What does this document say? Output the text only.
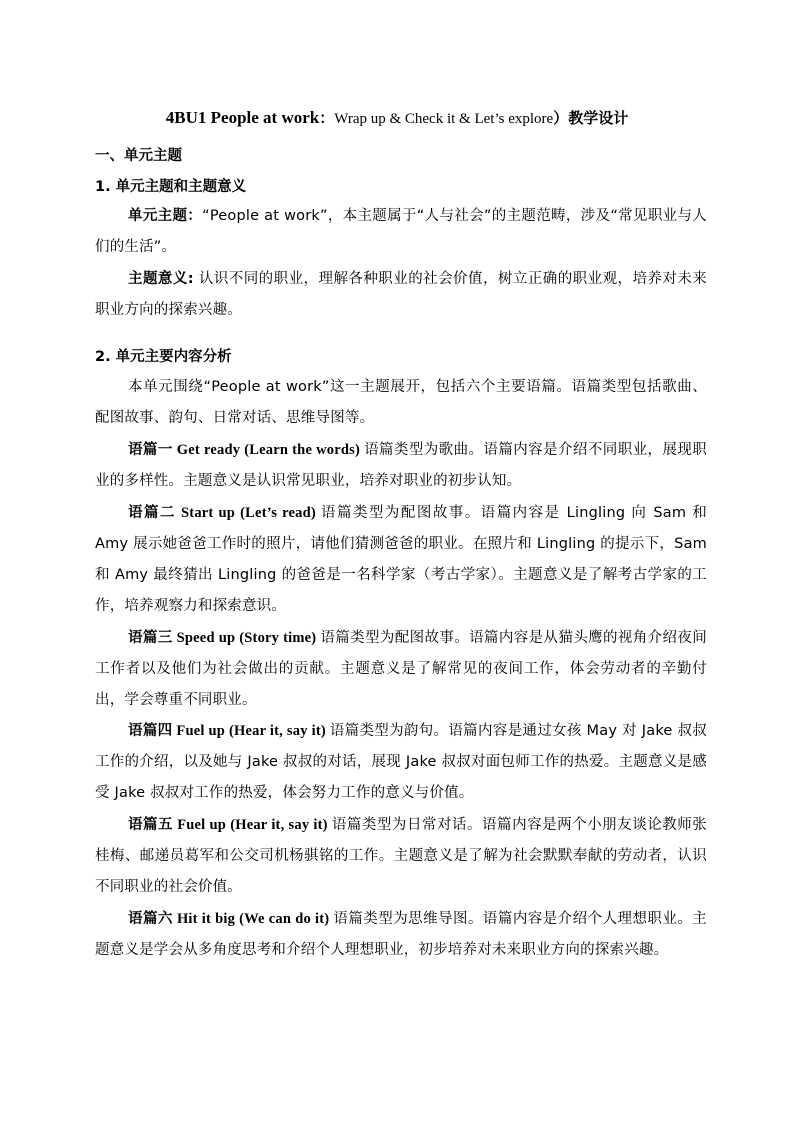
4BU1 People at work：Wrap up & Check it & Let’s explore）教学设计
一、单元主题
1. 单元主题和主题意义
单元主题：“People at work”，本主题属于“人与社会”的主题范畴，涉及“常见职业与人们的生活”。
主题意义: 认识不同的职业，理解各种职业的社会价值，树立正确的职业观，培养对未来职业方向的探索兴趣。
2. 单元主要内容分析
本单元围绕“People at work”这一主题展开，包括六个主要语篇。语篇类型包括歌曲、配图故事、韵句、日常对话、思维导图等。
语篇一 Get ready (Learn the words) 语篇类型为歌曲。语篇内容是介绍不同职业，展现职业的多样性。主题意义是认识常见职业，培养对职业的初步认知。
语篇二 Start up (Let’s read) 语篇类型为配图故事。语篇内容是 Lingling 向 Sam 和 Amy 展示她爸爸工作时的照片，请他们猜测爸爸的职业。在照片和 Lingling 的提示下，Sam 和 Amy 最终猜出 Lingling 的爸爸是一名科学家（考古学家）。主题意义是了解考古学家的工作，培养观察力和探索意识。
语篇三 Speed up (Story time) 语篇类型为配图故事。语篇内容是从猫头鹰的视角介绍夜间工作者以及他们为社会做出的贡献。主题意义是了解常见的夜间工作，体会劳动者的辛勤付出，学会尊重不同职业。
语篇四 Fuel up (Hear it, say it) 语篇类型为韵句。语篇内容是通过女孩 May 对 Jake 叔叔工作的介绍，以及她与 Jake 叔叔的对话，展现 Jake 叔叔对面包师工作的热爱。主题意义是感受 Jake 叔叔对工作的热爱，体会努力工作的意义与价值。
语篇五 Fuel up (Hear it, say it) 语篇类型为日常对话。语篇内容是两个小朋友谈论教师张桂梅、邮递员葛军和公交司机杨骐铭的工作。主题意义是了解为社会默默奉献的劳动者，认识不同职业的社会价值。
语篇六 Hit it big (We can do it) 语篇类型为思维导图。语篇内容是介绍个人理想职业。主题意义是学会从多角度思考和介绍个人理想职业，初步培养对未来职业方向的探索兴趣。
